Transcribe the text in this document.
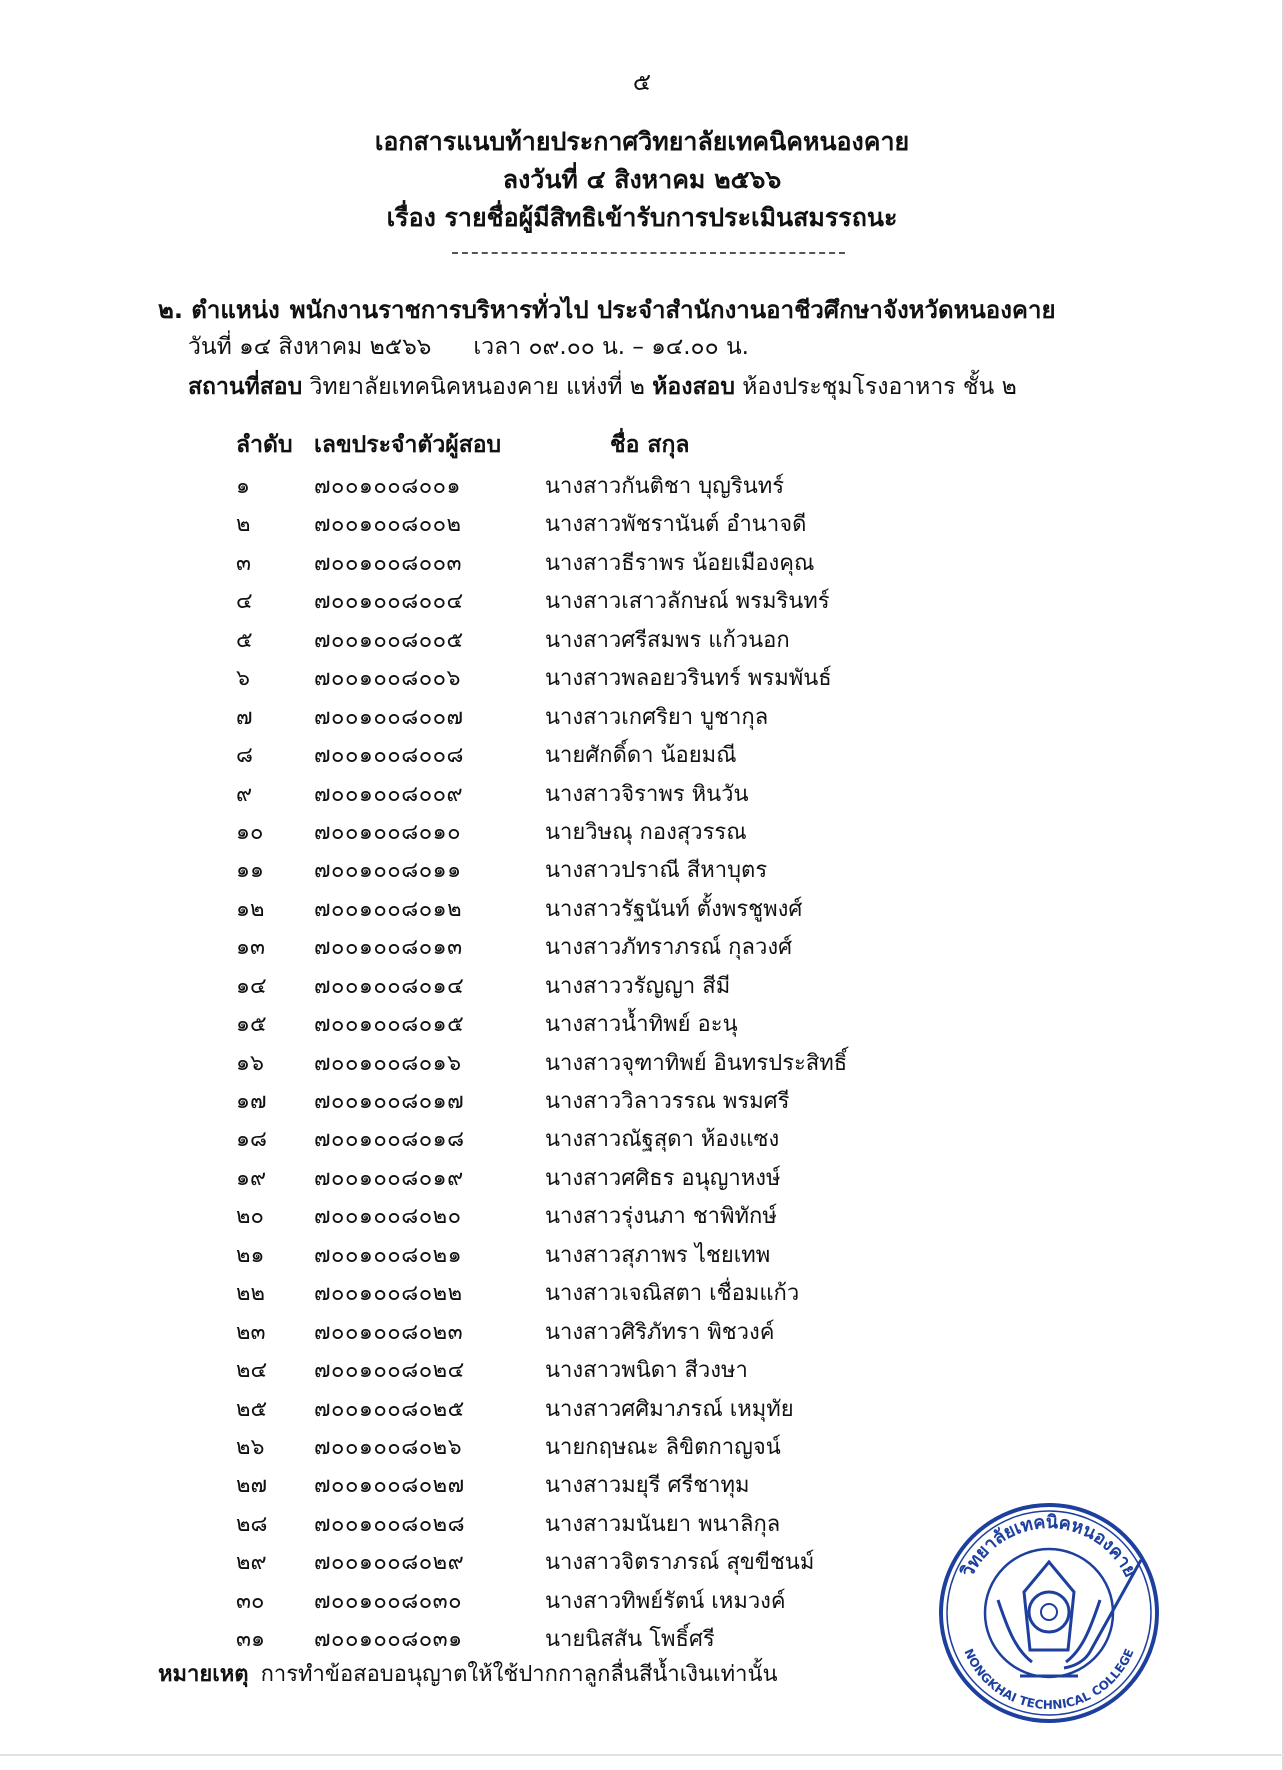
๕
เอกสารแนบท้ายประกาศวิทยาลัยเทคนิคหนองคาย
ลงวันที่ ๔ สิงหาคม ๒๕๖๖
เรื่อง รายชื่อผู้มีสิทธิเข้ารับการประเมินสมรรถนะ
๒. ตำแหน่ง พนักงานราชการบริหารทั่วไป ประจำสำนักงานอาชีวศึกษาจังหวัดหนองคาย
วันที่ ๑๔ สิงหาคม ๒๕๖๖ เวลา ๐๙.๐๐ น. – ๑๔.๐๐ น.
สถานที่สอบ วิทยาลัยเทคนิคหนองคาย แห่งที่ ๒ ห้องสอบ ห้องประชุมโรงอาหาร ชั้น ๒
ลำดับ เลขประจำตัวผู้สอบ	ชื่อ สกุล
๑	๗๐๐๑๐๐๘๐๐๑	นางสาวกันติชา บุญรินทร์
๒	๗๐๐๑๐๐๘๐๐๒	นางสาวพัชรานันต์ อำนาจดี
๓	๗๐๐๑๐๐๘๐๐๓	นางสาวธีราพร น้อยเมืองคุณ
๔	๗๐๐๑๐๐๘๐๐๔	นางสาวเสาวลักษณ์ พรมรินทร์
๕	๗๐๐๑๐๐๘๐๐๕	นางสาวศรีสมพร แก้วนอก
๖	๗๐๐๑๐๐๘๐๐๖	นางสาวพลอยวรินทร์ พรมพันธ์
๗	๗๐๐๑๐๐๘๐๐๗	นางสาวเกศริยา บูชากุล
๘	๗๐๐๑๐๐๘๐๐๘	นายศักดิ์ดา น้อยมณี
๙	๗๐๐๑๐๐๘๐๐๙	นางสาวจิราพร หินวัน
๑๐ ๗๐๐๑๐๐๘๐๑๐	นายวิษณุ กองสุวรรณ
๑๑ ๗๐๐๑๐๐๘๐๑๑	นางสาวปราณี สีหาบุตร
๑๒ ๗๐๐๑๐๐๘๐๑๒	นางสาวรัฐนันท์ ตั้งพรชูพงศ์
๑๓ ๗๐๐๑๐๐๘๐๑๓	นางสาวภัทราภรณ์ กุลวงศ์
๑๔ ๗๐๐๑๐๐๘๐๑๔	นางสาววรัญญา สีมี
๑๕ ๗๐๐๑๐๐๘๐๑๕	นางสาวน้ำทิพย์ อะนุ
๑๖ ๗๐๐๑๐๐๘๐๑๖	นางสาวจุฑาทิพย์ อินทรประสิทธิ์
๑๗ ๗๐๐๑๐๐๘๐๑๗	นางสาววิลาวรรณ พรมศรี
๑๘ ๗๐๐๑๐๐๘๐๑๘	นางสาวณัฐสุดา ห้องแซง
๑๙ ๗๐๐๑๐๐๘๐๑๙	นางสาวศศิธร อนุญาหงษ์
๒๐ ๗๐๐๑๐๐๘๐๒๐	นางสาวรุ่งนภา ชาพิทักษ์
๒๑ ๗๐๐๑๐๐๘๐๒๑	นางสาวสุภาพร ไชยเทพ
๒๒ ๗๐๐๑๐๐๘๐๒๒	นางสาวเจณิสตา เชื่อมแก้ว
๒๓ ๗๐๐๑๐๐๘๐๒๓	นางสาวศิริภัทรา พิชวงค์
๒๔ ๗๐๐๑๐๐๘๐๒๔	นางสาวพนิดา สีวงษา
๒๕ ๗๐๐๑๐๐๘๐๒๕	นางสาวศศิมาภรณ์ เหมุทัย
๒๖ ๗๐๐๑๐๐๘๐๒๖	นายกฤษณะ ลิขิตกาญจน์
๒๗ ๗๐๐๑๐๐๘๐๒๗	นางสาวมยุรี ศรีชาทุม
๒๘ ๗๐๐๑๐๐๘๐๒๘	นางสาวมนันยา พนาลิกุล
๒๙ ๗๐๐๑๐๐๘๐๒๙	นางสาวจิตราภรณ์ สุขขีชนม์
๓๐ ๗๐๐๑๐๐๘๐๓๐	นางสาวทิพย์รัตน์ เหมวงค์
๓๑ ๗๐๐๑๐๐๘๐๓๑	นายนิสสัน โพธิ์ศรี
หมายเหตุ การทำข้อสอบอนุญาตให้ใช้ปากกาลูกลื่นสีน้ำเงินเท่านั้น
วิทยาลัยเทคนิคหนองคาย
NONGKHAI TECHNICAL COLLEGE
